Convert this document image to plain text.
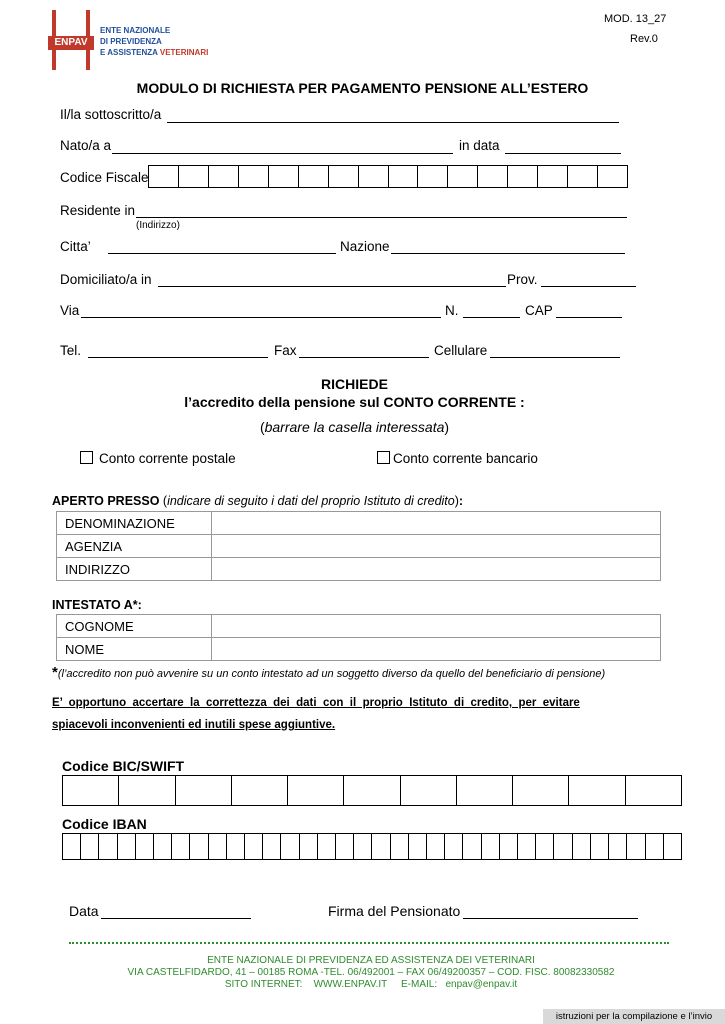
ENPAV
ENTE NAZIONALE
DI PREVIDENZA
E ASSISTENZA VETERINARI
MOD. 13_27
Rev.0
MODULO DI RICHIESTA PER PAGAMENTO PENSIONE ALL’ESTERO
Il/la sottoscritto/a
Nato/a a	in data
Codice Fiscale
Residente in
(Indirizzo)
Citta’	Nazione
Domiciliato/a in	Prov.
Via	N.	CAP
Tel.	Fax	Cellulare
RICHIEDE
l’accredito della pensione sul CONTO CORRENTE :
(barrare la casella interessata)
Conto corrente postale	Conto corrente bancario
APERTO PRESSO (indicare di seguito i dati del proprio Istituto di credito):
DENOMINAZIONE	
AGENZIA	
INDIRIZZO	
INTESTATO A*:
COGNOME	
NOME	
*(l’accredito non può avvenire su un conto intestato ad un soggetto diverso da quello del beneficiario di pensione)
E’  opportuno  accertare  la  correttezza  dei  dati  con  il  proprio  Istituto  di  credito,  per  evitare
spiacevoli inconvenienti ed inutili spese aggiuntive.
Codice BIC/SWIFT
Codice IBAN
Data	Firma del Pensionato
ENTE NAZIONALE DI PREVIDENZA ED ASSISTENZA DEI VETERINARI
VIA CASTELFIDARDO, 41 – 00185 ROMA -TEL. 06/492001 – FAX 06/49200357 – COD. FISC. 80082330582
SITO INTERNET:    WWW.ENPAV.IT     E-MAIL:   enpav@enpav.it
istruzioni per la compilazione e l’invio
